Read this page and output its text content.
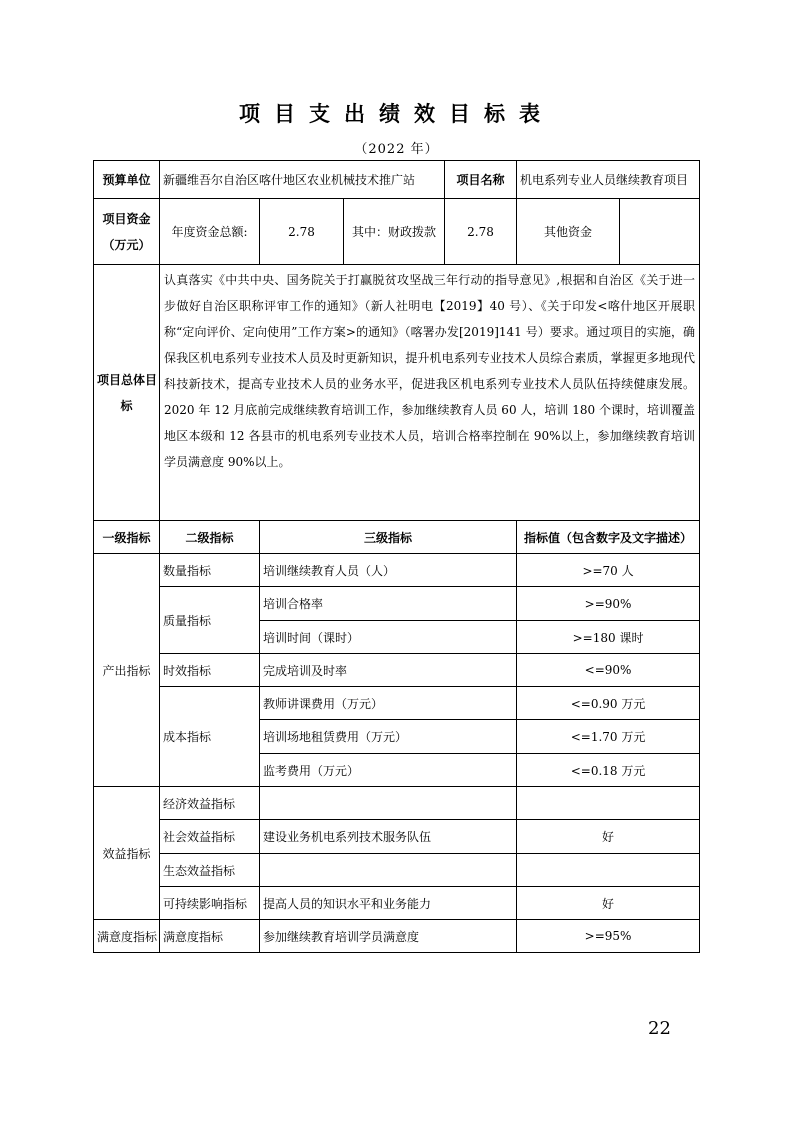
项目支出绩效目标表
（2022 年）
预算单位	新疆维吾尔自治区喀什地区农业机械技术推广站			项目名称	机电系列专业人员继续教育项目	

项目资金
（万元）	年度资金总额:	2.78	其中：财政拨款	2.78	其他资金	

项目总体目
标	认真落实《中共中央、国务院关于打赢脱贫攻坚战三年行动的指导意见》,根据和自治区《关于进一步做好自治区职称评审工作的通知》（新人社明电【2019】40 号）、《关于印发<喀什地区开展职称“定向评价、定向使用”工作方案>的通知》（喀署办发[2019]141 号）要求。通过项目的实施，确保我区机电系列专业技术人员及时更新知识，提升机电系列专业技术人员综合素质，掌握更多地现代科技新技术，提高专业技术人员的业务水平，促进我区机电系列专业技术人员队伍持续健康发展。2020 年 12 月底前完成继续教育培训工作，参加继续教育人员 60 人，培训 180 个课时，培训覆盖地区本级和 12 各县市的机电系列专业技术人员，培训合格率控制在 90%以上，参加继续教育培训学员满意度 90%以上。					
一级指标	二级指标	三级指标			指标值（包含数字及文字描述）	
产出指标	数量指标	培训继续教育人员（人）			>=70 人	
	质量指标	培训合格率			>=90%	
		培训时间（课时）			>=180 课时	
	时效指标	完成培训及时率			<=90%	
	成本指标	教师讲课费用（万元）			<=0.90 万元	
		培训场地租赁费用（万元）			<=1.70 万元	
		监考费用（万元）			<=0.18 万元	
效益指标	经济效益指标					
	社会效益指标	建设业务机电系列技术服务队伍			好	
	生态效益指标					
	可持续影响指标	提高人员的知识水平和业务能力			好	
满意度指标	满意度指标	参加继续教育培训学员满意度			>=95%	
22
